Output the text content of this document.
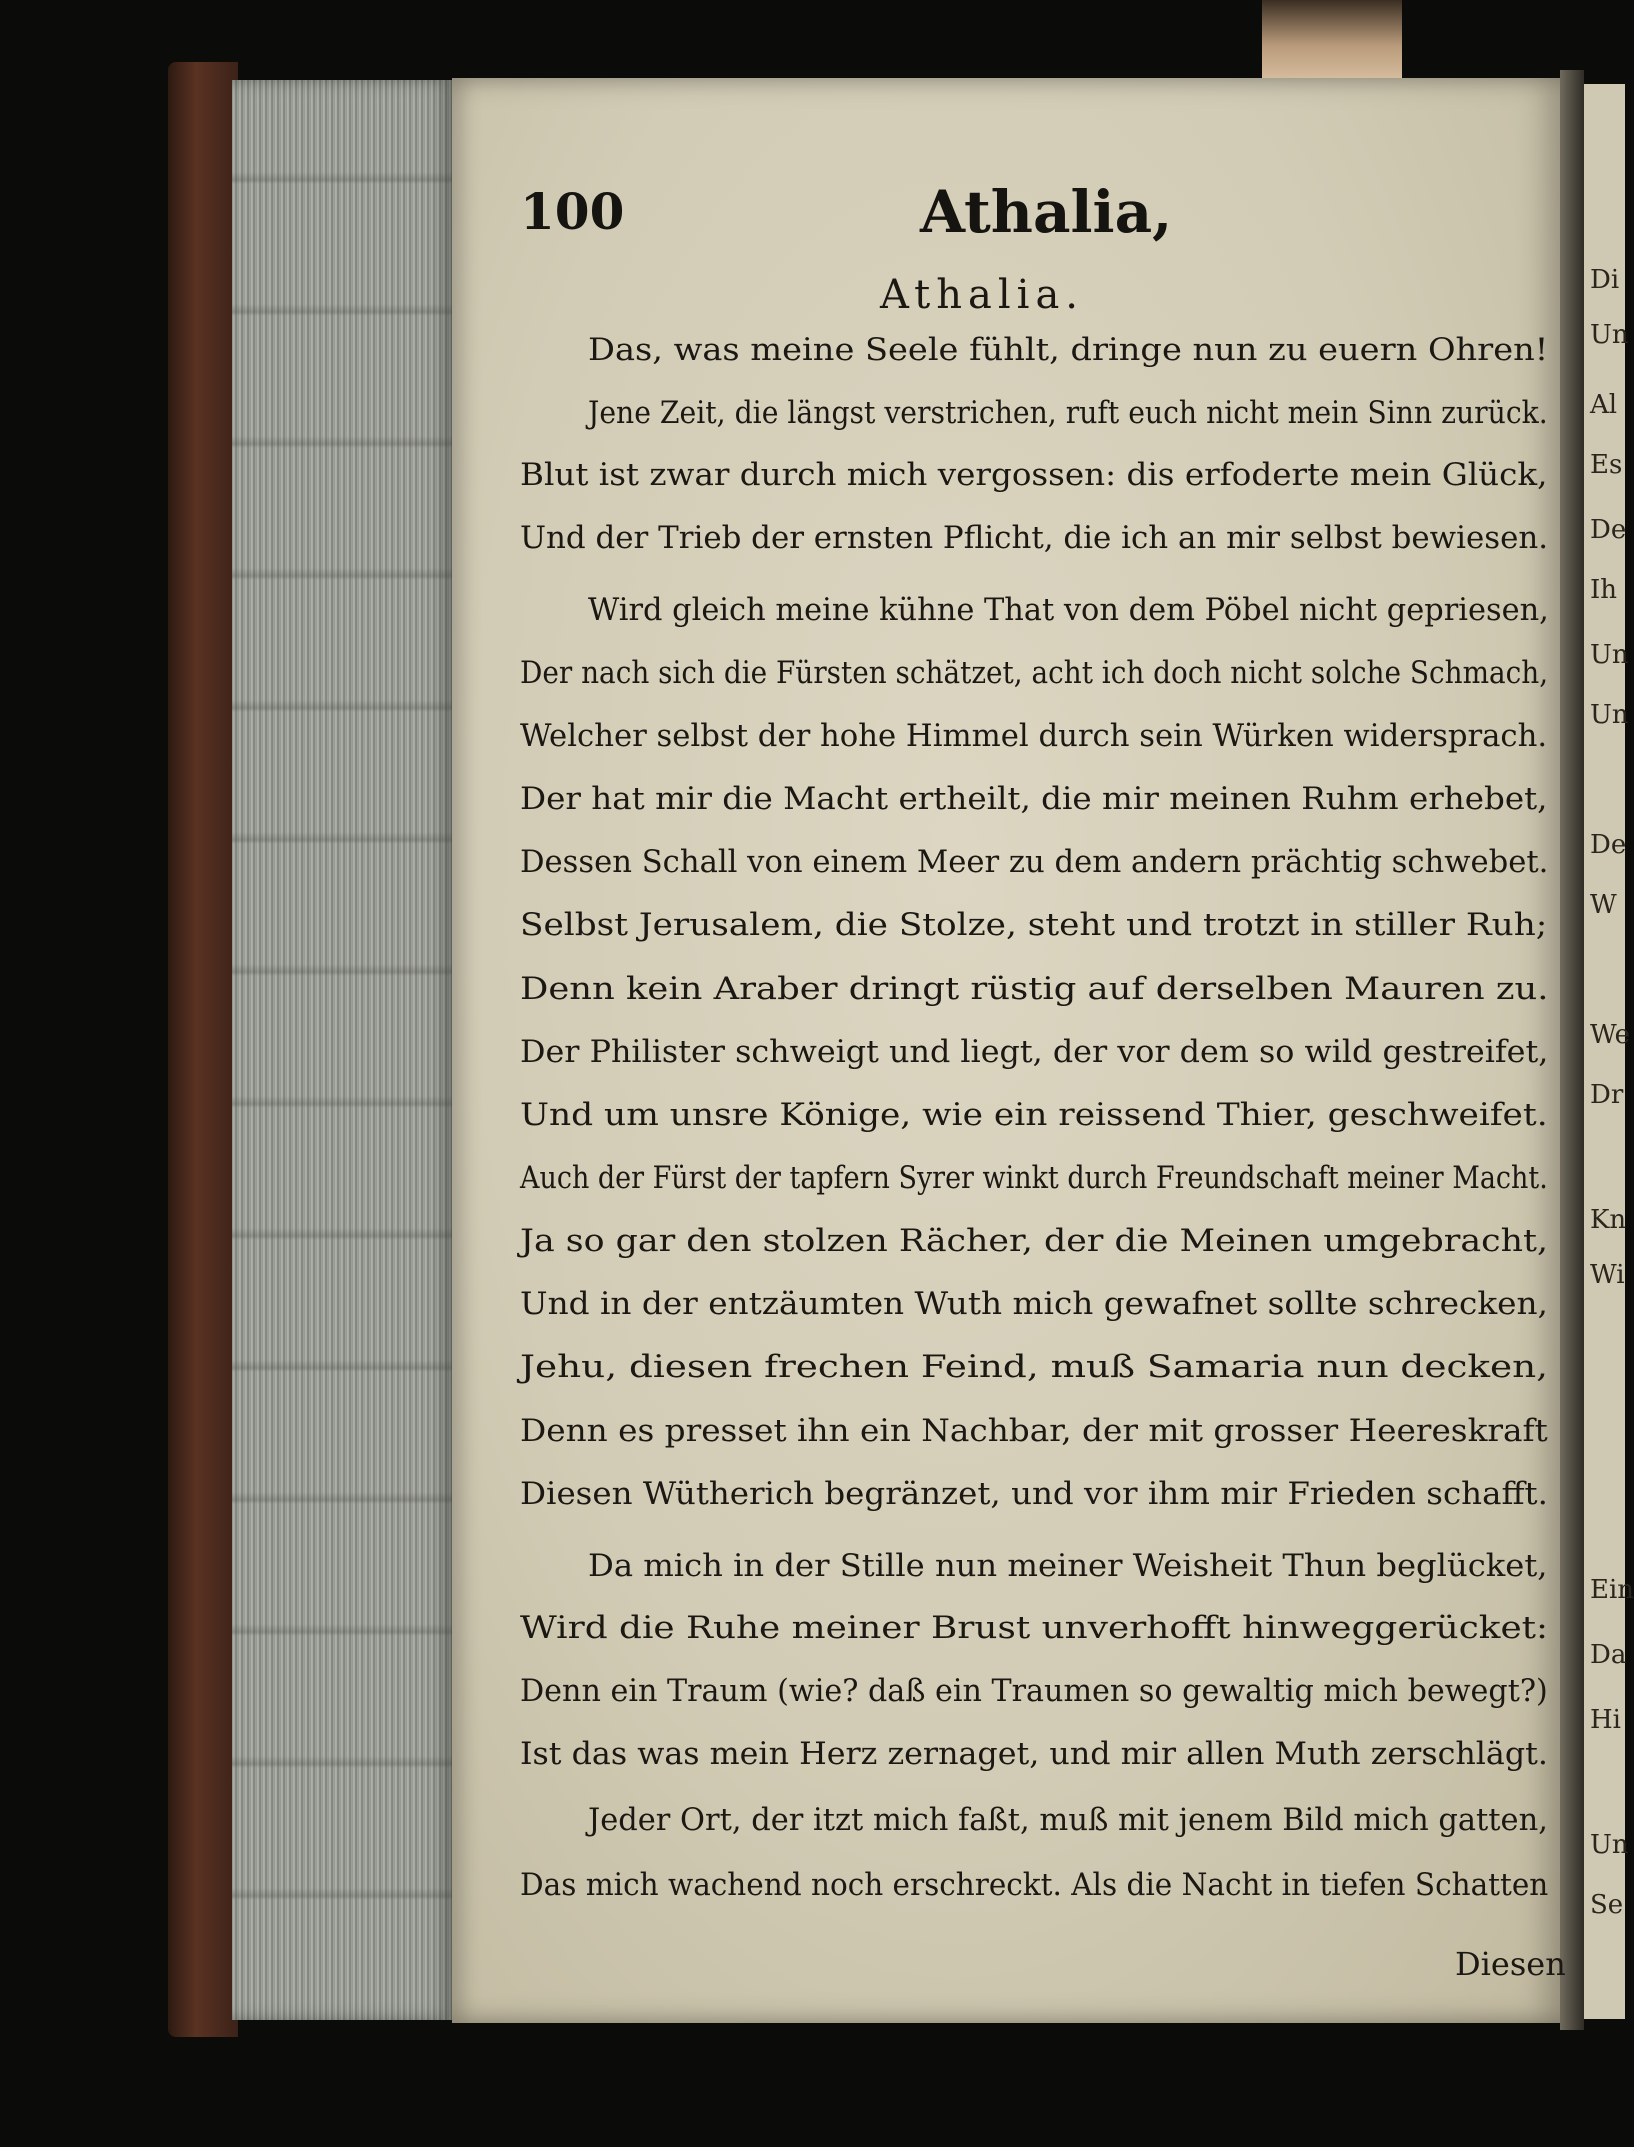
100	Athalia,
Athalia.
Das, was meine Seele fühlt, dringe nun zu euern Ohren!
Jene Zeit, die längst verstrichen, ruft euch nicht mein Sinn zurück.
Blut ist zwar durch mich vergossen: dis erfoderte mein Glück,
Und der Trieb der ernsten Pflicht, die ich an mir selbst bewiesen.
Wird gleich meine kühne That von dem Pöbel nicht gepriesen,
Der nach sich die Fürsten schätzet, acht ich doch nicht solche Schmach,
Welcher selbst der hohe Himmel durch sein Würken widersprach.
Der hat mir die Macht ertheilt, die mir meinen Ruhm erhebet,
Dessen Schall von einem Meer zu dem andern prächtig schwebet.
Selbst Jerusalem, die Stolze, steht und trotzt in stiller Ruh;
Denn kein Araber dringt rüstig auf derselben Mauren zu.
Der Philister schweigt und liegt, der vor dem so wild gestreifet,
Und um unsre Könige, wie ein reissend Thier, geschweifet.
Auch der Fürst der tapfern Syrer winkt durch Freundschaft meiner Macht.
Ja so gar den stolzen Rächer, der die Meinen umgebracht,
Und in der entzäumten Wuth mich gewafnet sollte schrecken,
Jehu, diesen frechen Feind, muß Samaria nun decken,
Denn es presset ihn ein Nachbar, der mit grosser Heereskraft
Diesen Wütherich begränzet, und vor ihm mir Frieden schafft.
Da mich in der Stille nun meiner Weisheit Thun beglücket,
Wird die Ruhe meiner Brust unverhofft hinweggerücket:
Denn ein Traum (wie? daß ein Traumen so gewaltig mich bewegt?)
Ist das was mein Herz zernaget, und mir allen Muth zerschlägt.
Jeder Ort, der itzt mich faßt, muß mit jenem Bild mich gatten,
Das mich wachend noch erschreckt. Als die Nacht in tiefen Schatten
Diesen
Di
Un
Al
Es
De
Ih
Un
Un
De
W
We
Dr
Kn
Wi
Ein
Da
Hi
Un
Se
